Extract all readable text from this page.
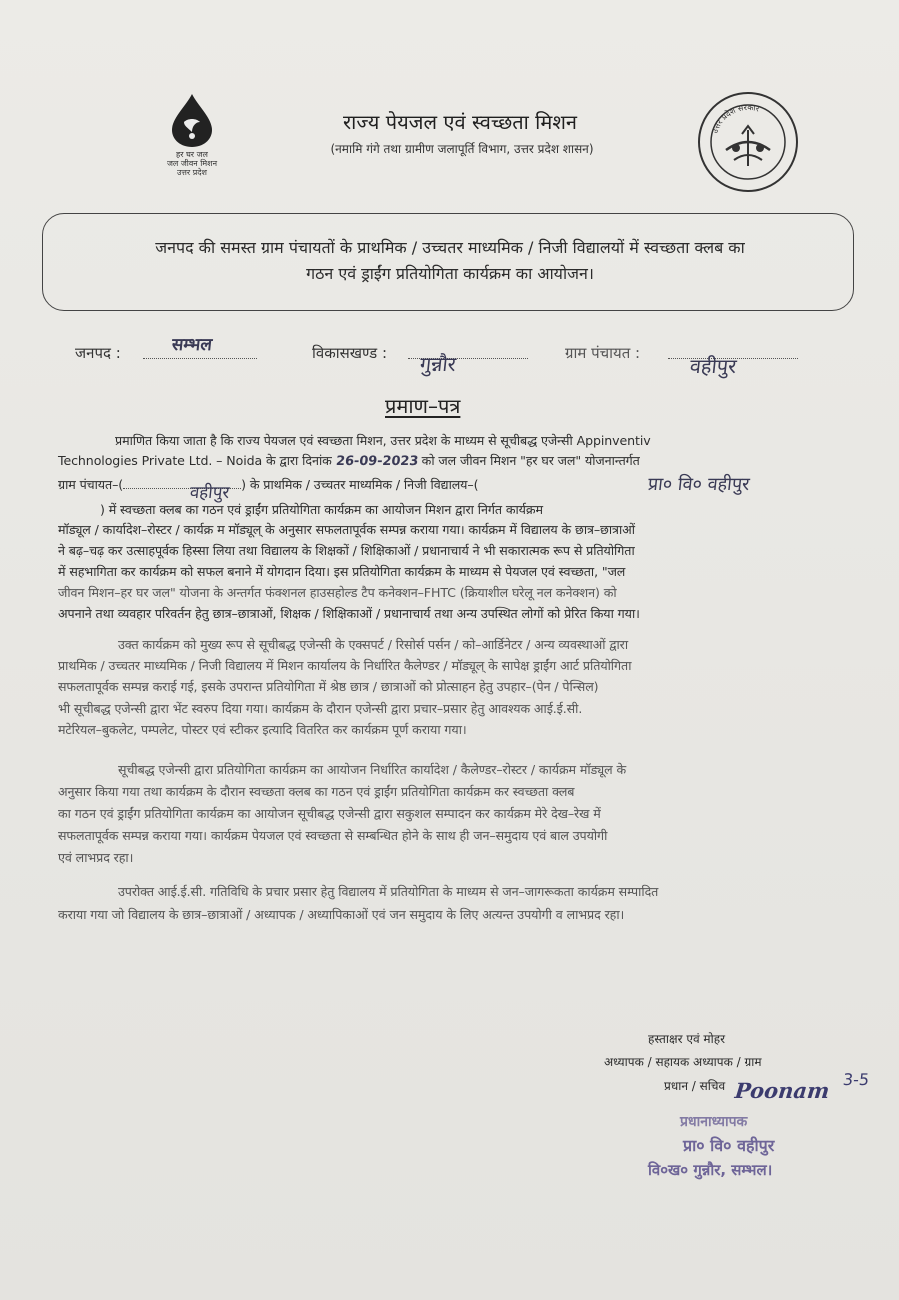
हर घर जल
जल जीवन मिशन
उत्तर प्रदेश
राज्य पेयजल एवं स्वच्छता मिशन
(नमामि गंगे तथा ग्रामीण जलापूर्ति विभाग, उत्तर प्रदेश शासन)
उत्तर प्रदेश सरकार
जनपद की समस्त ग्राम पंचायतों के प्राथमिक / उच्चतर माध्यमिक / निजी विद्यालयों में स्वच्छता क्लब का
गठन एवं ड्राईंग प्रतियोगिता कार्यक्रम का आयोजन।
जनपद :	सम्भल	विकासखण्ड : गुन्नौर	ग्राम पंचायत :
वहीपुर
प्रमाण–पत्र
प्रमाणित किया जाता है कि राज्य पेयजल एवं स्वच्छता मिशन, उत्तर प्रदेश के माध्यम से सूचीबद्ध एजेन्सी Appinventiv
Technologies Private Ltd. – Noida के द्वारा दिनांक 26-09-2023 को जल जीवन मिशन "हर घर जल" योजनान्तर्गत
ग्राम पंचायत–(	) के प्राथमिक / उच्चतर माध्यमिक / निजी विद्यालय–(
वहीपुर	प्रा० वि० वहीपुर
) में स्वच्छता क्लब का गठन एवं ड्राईंग प्रतियोगिता कार्यक्रम का आयोजन मिशन द्वारा निर्गत कार्यक्रम
मॉड्यूल / कार्यादेश–रोस्टर / कार्यक्र म मॉड्यूल् के अनुसार सफलतापूर्वक सम्पन्न कराया गया। कार्यक्रम में विद्यालय के छात्र–छात्राओं
ने बढ़–चढ़ कर उत्साहपूर्वक हिस्सा लिया तथा विद्यालय के शिक्षकों / शिक्षिकाओं / प्रधानाचार्य ने भी सकारात्मक रूप से प्रतियोगिता
में सहभागिता कर कार्यक्रम को सफल बनाने में योगदान दिया। इस प्रतियोगिता कार्यक्रम के माध्यम से पेयजल एवं स्वच्छता, "जल
जीवन मिशन–हर घर जल" योजना के अन्तर्गत फंक्शनल हाउसहोल्ड टैप कनेक्शन–FHTC (क्रियाशील घरेलू नल कनेक्शन) को
अपनाने तथा व्यवहार परिवर्तन हेतु छात्र–छात्राओं, शिक्षक / शिक्षिकाओं / प्रधानाचार्य तथा अन्य उपस्थित लोगों को प्रेरित किया गया।
उक्त कार्यक्रम को मुख्य रूप से सूचीबद्ध एजेन्सी के एक्सपर्ट / रिसोर्स पर्सन / को–आर्डिनेटर / अन्य व्यवस्थाओं द्वारा
प्राथमिक / उच्चतर माध्यमिक / निजी विद्यालय में मिशन कार्यालय के निर्धारित कैलेण्डर / मॉड्यूल् के सापेक्ष ड्राईंग आर्ट प्रतियोगिता
सफलतापूर्वक सम्पन्न कराई गई, इसके उपरान्त प्रतियोगिता में श्रेष्ठ छात्र / छात्राओं को प्रोत्साहन हेतु उपहार–(पेन / पेन्सिल)
भी सूचीबद्ध एजेन्सी द्वारा भेंट स्वरुप दिया गया। कार्यक्रम के दौरान एजेन्सी द्वारा प्रचार–प्रसार हेतु आवश्यक आई.ई.सी.
मटेरियल–बुकलेट, पम्पलेट, पोस्टर एवं स्टीकर इत्यादि वितरित कर कार्यक्रम पूर्ण कराया गया।
सूचीबद्ध एजेन्सी द्वारा प्रतियोगिता कार्यक्रम का आयोजन निर्धारित कार्यादेश / कैलेण्डर–रोस्टर / कार्यक्रम मॉड्यूल के
अनुसार किया गया तथा कार्यक्रम के दौरान स्वच्छता क्लब का गठन एवं ड्राईंग प्रतियोगिता कार्यक्रम कर स्वच्छता क्लब
का गठन एवं ड्राईंग प्रतियोगिता कार्यक्रम का आयोजन सूचीबद्ध एजेन्सी द्वारा सकुशल सम्पादन कर कार्यक्रम मेरे देख–रेख में
सफलतापूर्वक सम्पन्न कराया गया। कार्यक्रम पेयजल एवं स्वच्छता से सम्बन्धित होने के साथ ही जन–समुदाय एवं बाल उपयोगी
एवं लाभप्रद रहा।
उपरोक्त आई.ई.सी. गतिविधि के प्रचार प्रसार हेतु विद्यालय में प्रतियोगिता के माध्यम से जन–जागरूकता कार्यक्रम सम्पादित
कराया गया जो विद्यालय के छात्र–छात्राओं / अध्यापक / अध्यापिकाओं एवं जन समुदाय के लिए अत्यन्त उपयोगी व लाभप्रद रहा।
हस्ताक्षर एवं मोहर
अध्यापक / सहायक अध्यापक / ग्राम
प्रधान / सचिव Poonam 3-5
प्रधानाध्यापक
प्रा० वि० वहीपुर
वि०ख० गुन्नौर, सम्भल।
